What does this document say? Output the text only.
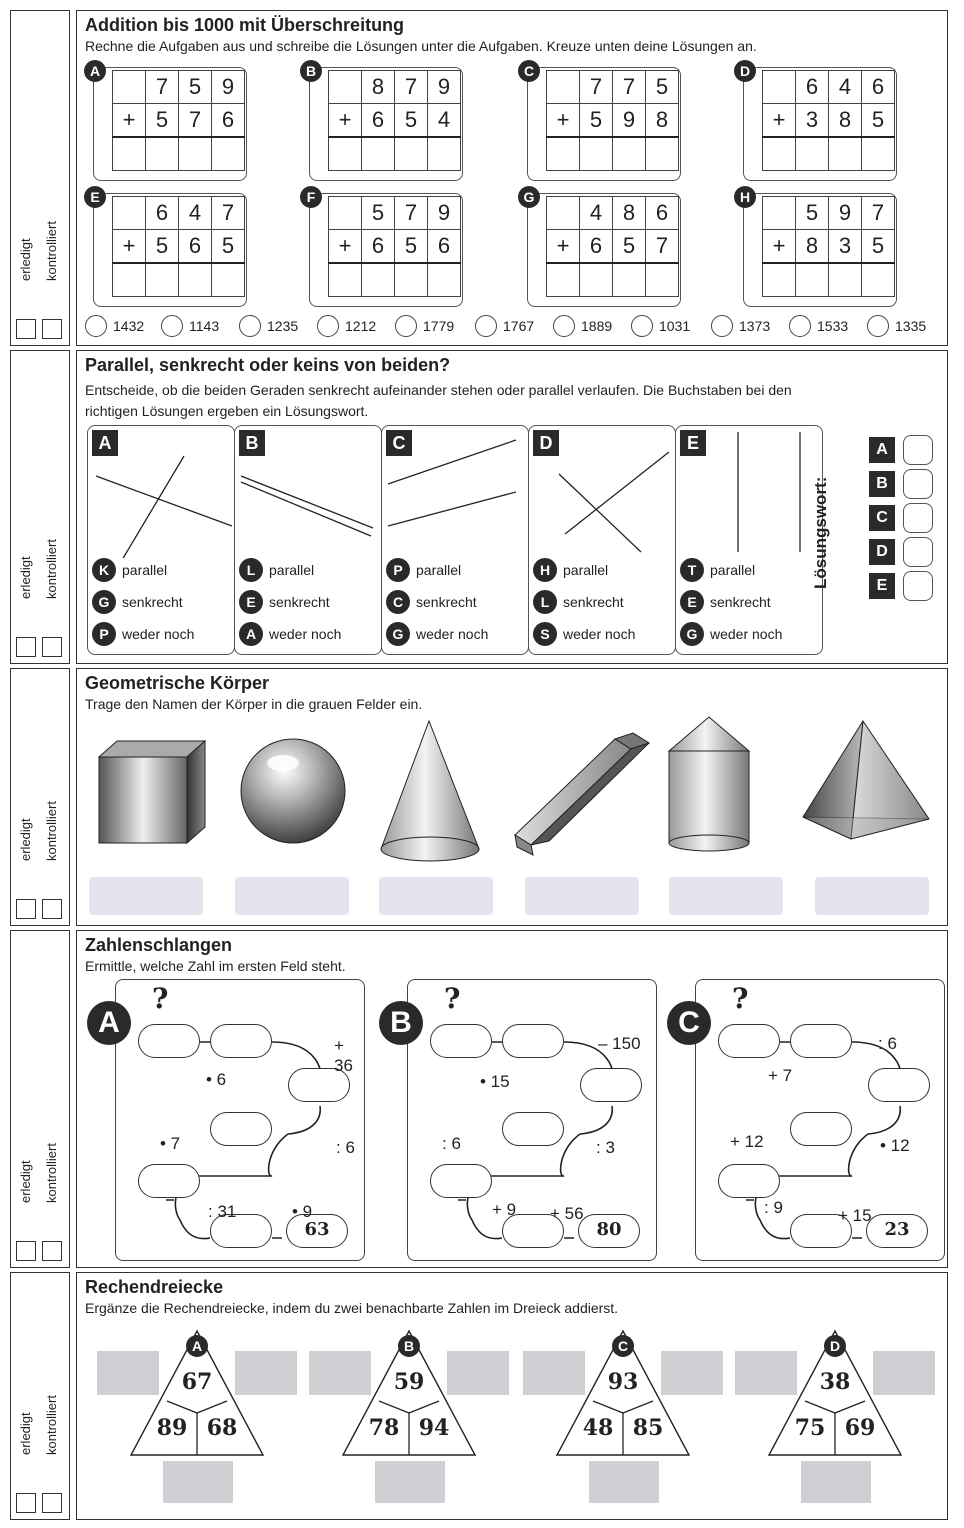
erledigt kontrolliert
erledigt kontrolliert
erledigt kontrolliert
erledigt kontrolliert
erledigt kontrolliert
Addition bis 1000 mit Überschreitung
Rechne die Aufgaben aus und schreibe die Lösungen unter die Aufgaben. Kreuze unten deine Lösungen an.
A
	7	5	9
+	5	7	6

B
	8	7	9
+	6	5	4

C
	7	7	5
+	5	9	8

D
	6	4	6
+	3	8	5

E
	6	4	7
+	5	6	5

F
	5	7	9
+	6	5	6

G
	4	8	6
+	6	5	7

H
	5	9	7
+	8	3	5

1432	1143	1235	1212	1779	1767	1889	1031	1373	1533	1335
Parallel, senkrecht oder keins von beiden?
Entscheide, ob die beiden Geraden senkrecht aufeinander stehen oder parallel verlaufen. Die Buchstaben bei den
richtigen Lösungen ergeben ein Lösungswort.
A
K parallel
G senkrecht
P weder noch
B
L parallel
E senkrecht
A weder noch
C
P parallel
C senkrecht
G weder noch
D
H parallel
L senkrecht
S weder noch
E
T parallel
E senkrecht
G weder noch
Lösungswort:
A
B
C
D
E
Geometrische Körper
Trage den Namen der Körper in die grauen Felder ein.
Zahlenschlangen
Ermittle, welche Zahl im ersten Feld steht.
?
63
• 6
+ 36
: 6
• 7
: 31	• 9
A
?
80
• 15
– 150
: 3
: 6
+ 9 + 56
B
?
23
+ 7
: 6
• 12
+ 12
: 9	+ 15
C
Rechendreiecke
Ergänze die Rechendreiecke, indem du zwei benachbarte Zahlen im Dreieck addierst.
A
67
89 68
B
59
78 94
C
93
48 85
D
38
75 69
